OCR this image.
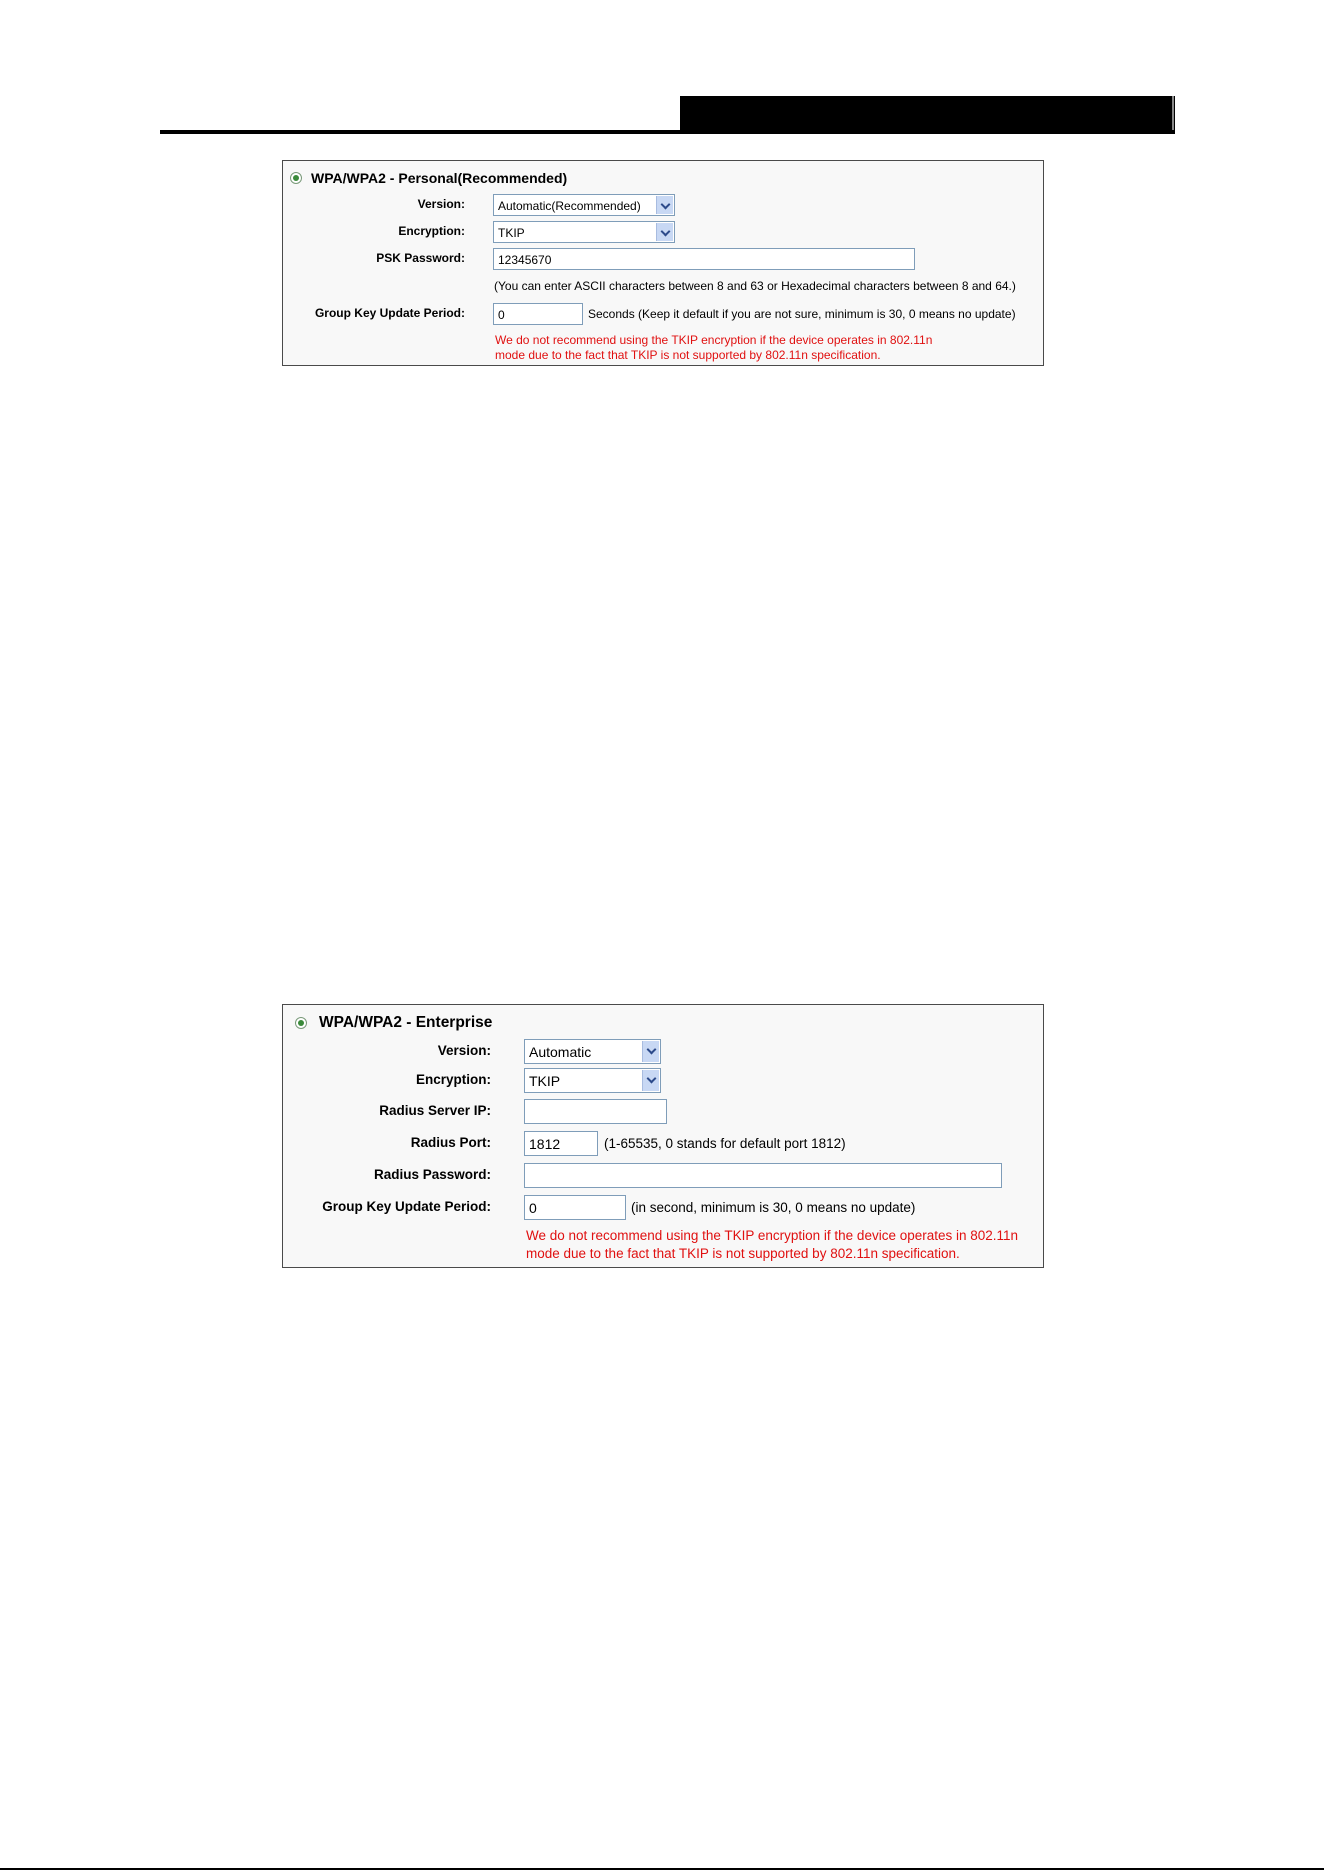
WPA/WPA2 - Personal(Recommended)
Version:	Automatic(Recommended)
Encryption:	TKIP
PSK Password:	12345670
(You can enter ASCII characters between 8 and 63 or Hexadecimal characters between 8 and 64.)
Group Key Update Period:	0	Seconds (Keep it default if you are not sure, minimum is 30, 0 means no update)
We do not recommend using the TKIP encryption if the device operates in 802.11n mode due to the fact that TKIP is not supported by 802.11n specification.
WPA/WPA2 - Enterprise
Version:	Automatic
Encryption:	TKIP
Radius Server IP:
Radius Port:	1812	(1-65535, 0 stands for default port 1812)
Radius Password:
Group Key Update Period:	0	(in second, minimum is 30, 0 means no update)
We do not recommend using the TKIP encryption if the device operates in 802.11n mode due to the fact that TKIP is not supported by 802.11n specification.
